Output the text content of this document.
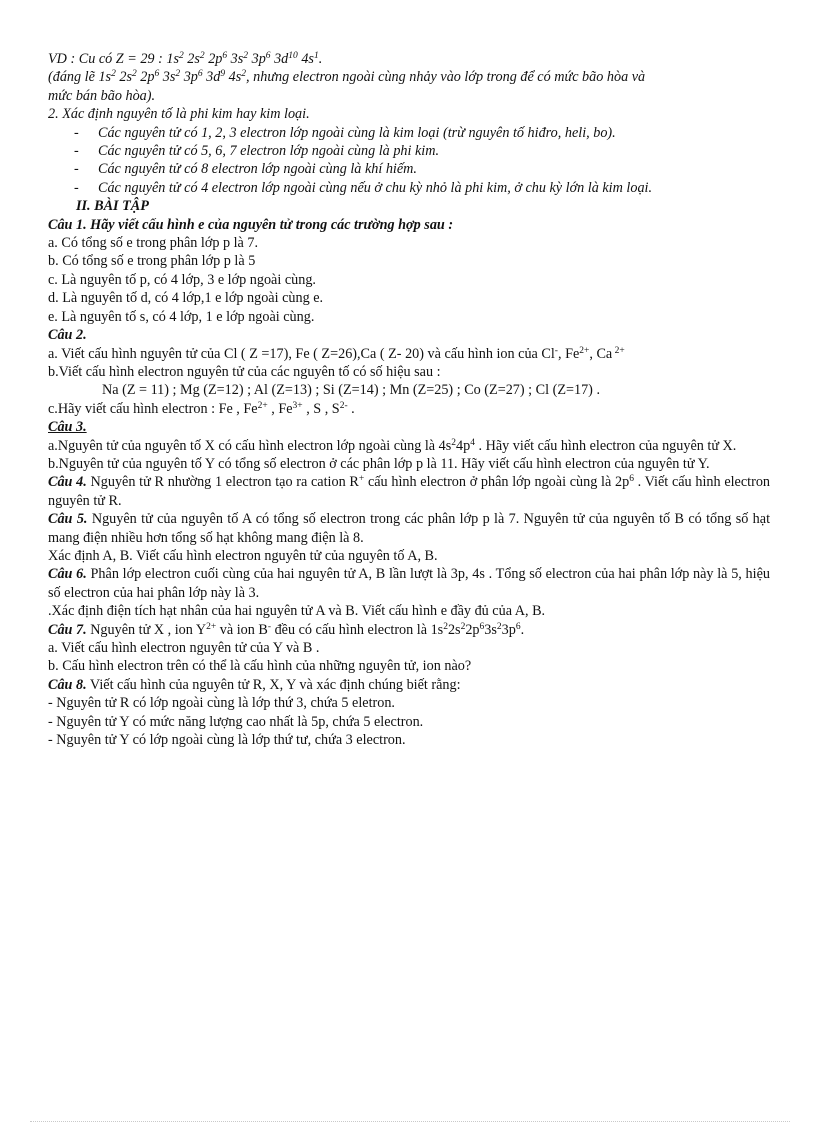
VD : Cu có Z = 29 : $1s^2$ $2s^2$ $2p^6$ $3s^2$ $3p^6$ $3d^{10}$ $4s^1$.
(đáng lẽ $1s^2$ $2s^2$ $2p^6$ $3s^2$ $3p^6$ $3d^9$ $4s^2$, nhưng electron ngoài cùng nhảy vào lớp trong để có mức bão hòa và
mức bán bão hòa).
2. Xác định nguyên tố là phi kim hay kim loại.
-	Các nguyên tử có 1, 2, 3 electron lớp ngoài cùng là kim loại (trừ nguyên tố hiđro, heli, bo).
-	Các nguyên tử có 5, 6, 7 electron lớp ngoài cùng là phi kim.
-	Các nguyên tử có 8 electron lớp ngoài cùng là khí hiếm.
-	Các nguyên tử có 4 electron lớp ngoài cùng nếu ở chu kỳ nhỏ là phi kim, ở chu kỳ lớn là kim loại.
II. BÀI TẬP
Câu 1. Hãy viết cấu hình e của nguyên tử trong các trường hợp sau :
a. Có tổng số e trong phân lớp p là 7.
b. Có tổng số e trong phân lớp p là 5
c. Là nguyên tố p, có 4 lớp, 3 e lớp ngoài cùng.
d. Là nguyên tố d, có 4 lớp,1 e lớp ngoài cùng e.
e. Là nguyên tố s, có 4 lớp, 1 e lớp ngoài cùng.
Câu 2.
a. Viết cấu hình nguyên tử của Cl ( Z =17), Fe ( Z=26),Ca ( Z- 20) và cấu hình ion của Cl-, $Fe^{2+}$, Ca $^{2+}$
b.Viết cấu hình electron nguyên tử của các nguyên tố có số hiệu sau :
Na (Z = 11) ; Mg (Z=12) ; Al (Z=13) ; Si (Z=14) ; Mn (Z=25) ; Co (Z=27) ; Cl (Z=17) .
c.Hãy viết cấu hình electron : Fe , $Fe^{2+}$ , $Fe^{3+}$ , S , $S^{2-}$ .
Câu 3.
a.Nguyên tử của nguyên tố X có cấu hình electron lớp ngoài cùng là $4s^24p^4$ . Hãy viết cấu hình electron của nguyên tử X.
b.Nguyên tử của nguyên tố Y có tổng số electron ở các phân lớp p là 11. Hãy viết cấu hình electron của nguyên tử Y.
Câu 4. Nguyên tử R nhường 1 electron tạo ra cation R+ cấu hình electron ở phân lớp ngoài cùng là $2p^6$ . Viết cấu hình electron nguyên tử R.
Câu 5. Nguyên tử của nguyên tố A có tổng số electron trong các phân lớp p là 7. Nguyên tử của nguyên tố B có tổng số hạt mang điện nhiều hơn tổng số hạt không mang điện là 8.
Xác định A, B. Viết cấu hình electron nguyên tử của nguyên tố A, B.
Câu 6. Phân lớp electron cuối cùng của hai nguyên tử A, B lần lượt là 3p, 4s . Tổng số electron của hai phân lớp này là 5, hiệu số electron của hai phân lớp này là 3.
.Xác định điện tích hạt nhân của hai nguyên tử A và B. Viết cấu hình e đầy đủ của A, B.
Câu 7. Nguyên tử X , ion $Y^{2+}$ và ion B- đều có cấu hình electron là $1s^22s^22p^63s^23p^6$.
a. Viết cấu hình electron nguyên tử của Y và B .
b. Cấu hình electron trên có thể là cấu hình của những nguyên tử, ion nào?
Câu 8. Viết cấu hình của nguyên tử R, X, Y và xác định chúng biết rằng:
- Nguyên tử R có lớp ngoài cùng là lớp thứ 3, chứa 5 eletron.
- Nguyên tử Y có mức năng lượng cao nhất là 5p, chứa 5 electron.
- Nguyên tử Y có lớp ngoài cùng là lớp thứ tư, chứa 3 electron.
